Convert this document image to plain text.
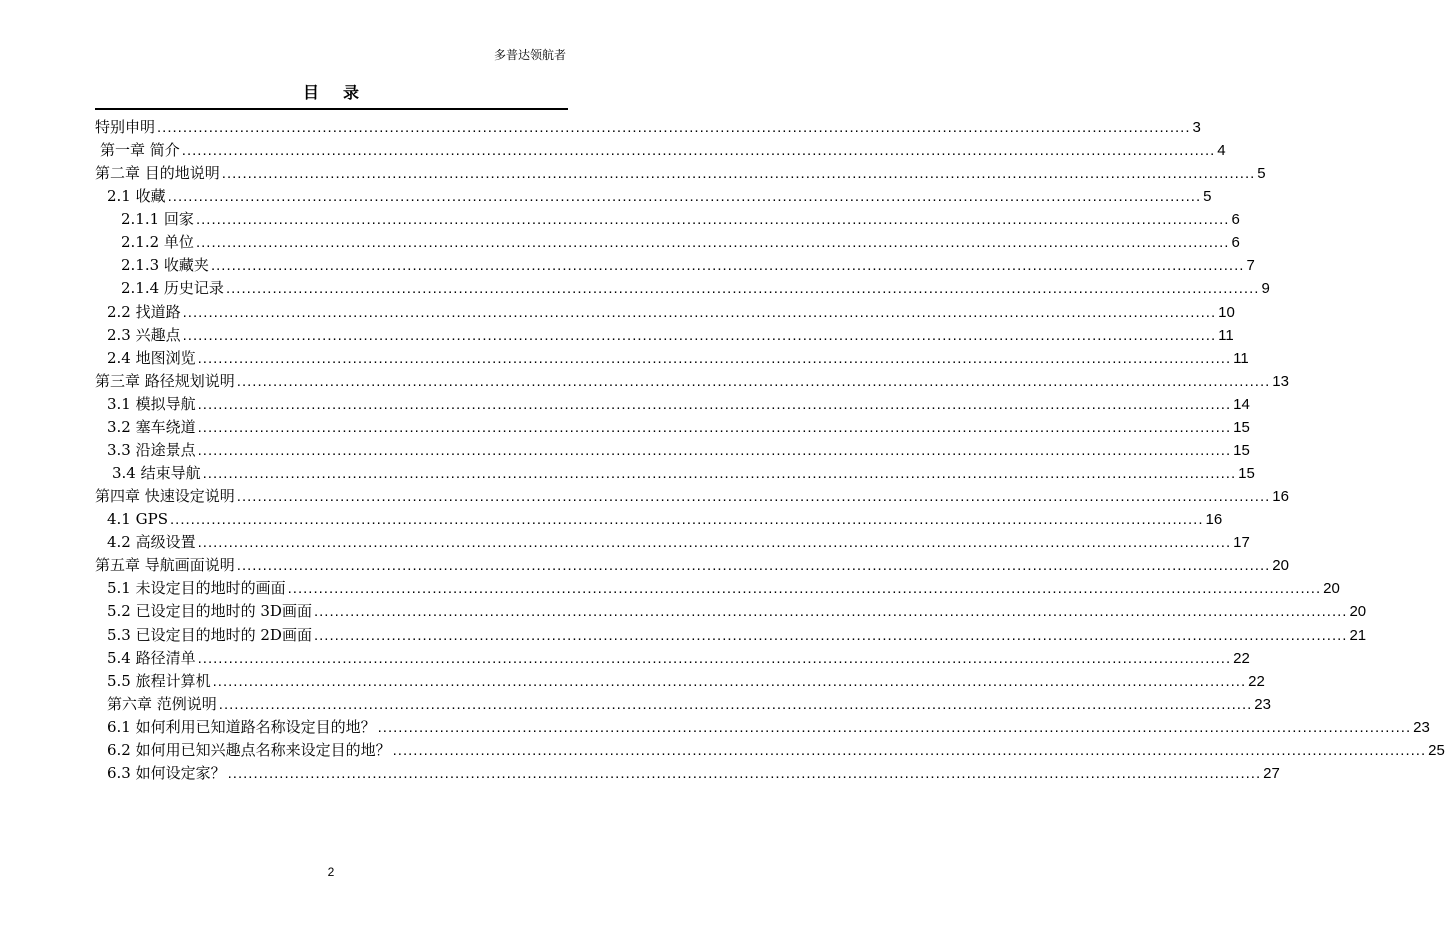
多普达领航者
目录
特别申明 ........................................................................................................................................................................................................ 3
第一章 简介 ........................................................................................................................................................................................................ 4
第二章 目的地说明 ........................................................................................................................................................................................................ 5
2.1 收藏 ........................................................................................................................................................................................................ 5
2.1.1 回家 ........................................................................................................................................................................................................ 6
2.1.2 单位 ........................................................................................................................................................................................................ 6
2.1.3 收藏夹 ........................................................................................................................................................................................................ 7
2.1.4 历史记录 ........................................................................................................................................................................................................ 9
2.2 找道路 ........................................................................................................................................................................................................ 10
2.3 兴趣点 ........................................................................................................................................................................................................ 11
2.4 地图浏览 ........................................................................................................................................................................................................ 11
第三章 路径规划说明 ........................................................................................................................................................................................................ 13
3.1 模拟导航 ........................................................................................................................................................................................................ 14
3.2 塞车绕道 ........................................................................................................................................................................................................ 15
3.3 沿途景点 ........................................................................................................................................................................................................ 15
3.4 结束导航 ........................................................................................................................................................................................................ 15
第四章 快速设定说明 ........................................................................................................................................................................................................ 16
4.1 GPS ........................................................................................................................................................................................................ 16
4.2 高级设置 ........................................................................................................................................................................................................ 17
第五章 导航画面说明 ........................................................................................................................................................................................................ 20
5.1 未设定目的地时的画面 ........................................................................................................................................................................................................ 20
5.2 已设定目的地时的 3D画面 ........................................................................................................................................................................................................ 20
5.3 已设定目的地时的 2D画面 ........................................................................................................................................................................................................ 21
5.4 路径清单 ........................................................................................................................................................................................................ 22
5.5 旅程计算机 ........................................................................................................................................................................................................ 22
第六章 范例说明 ........................................................................................................................................................................................................ 23
6.1 如何利用已知道路名称设定目的地？ ........................................................................................................................................................................................................ 23
6.2 如何用已知兴趣点名称来设定目的地？ ........................................................................................................................................................................................................ 25
6.3 如何设定家？ ........................................................................................................................................................................................................ 27
2
